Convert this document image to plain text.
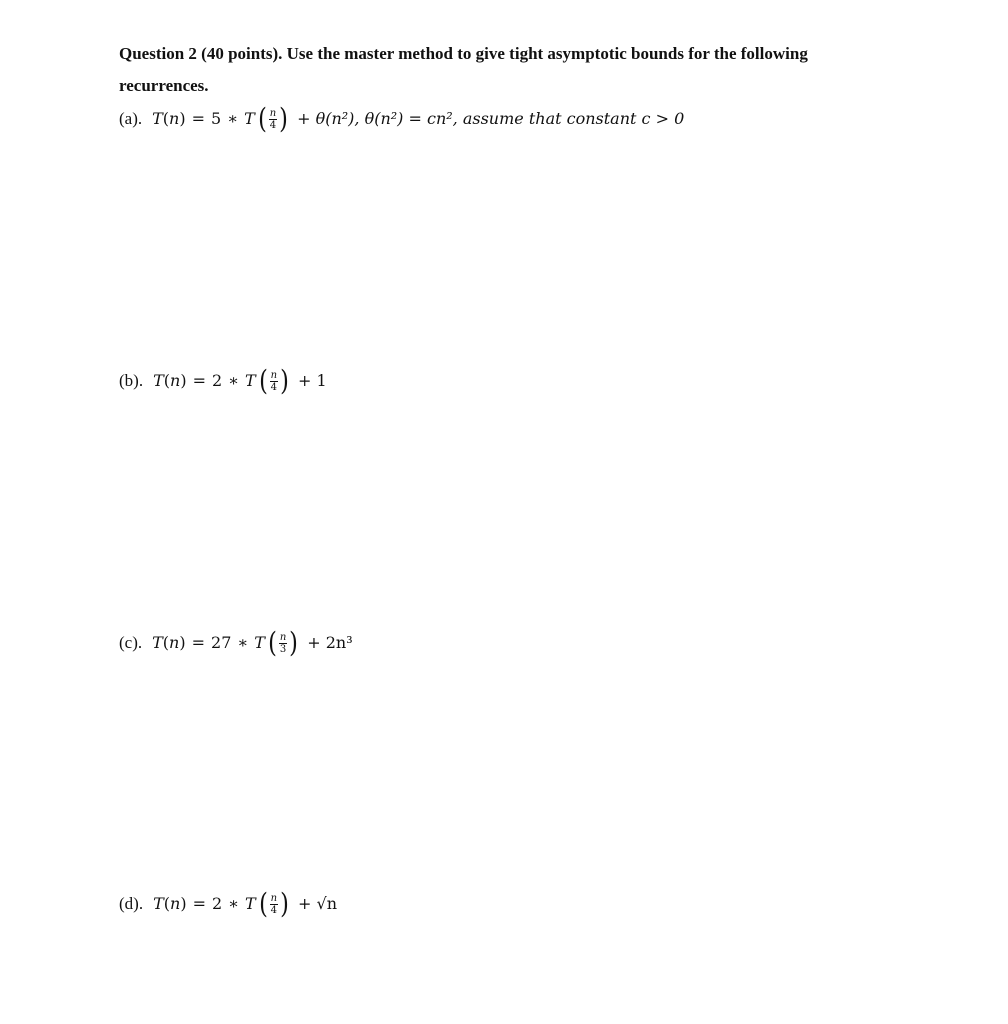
Question 2 (40 points). Use the master method to give tight asymptotic bounds for the following
recurrences.
(a). T ( n ) = 5 ∗ T ( $\frac{n}{4}$ ) + θ(n²), θ(n²) = cn², assume that constant c > 0
(b). T ( n ) = 2 ∗ T ( $\frac{n}{4}$ ) + 1
(c). T ( n ) = 27 ∗ T ( $\frac{n}{3}$ ) + 2n³
(d). T ( n ) = 2 ∗ T ( $\frac{n}{4}$ ) + √n
